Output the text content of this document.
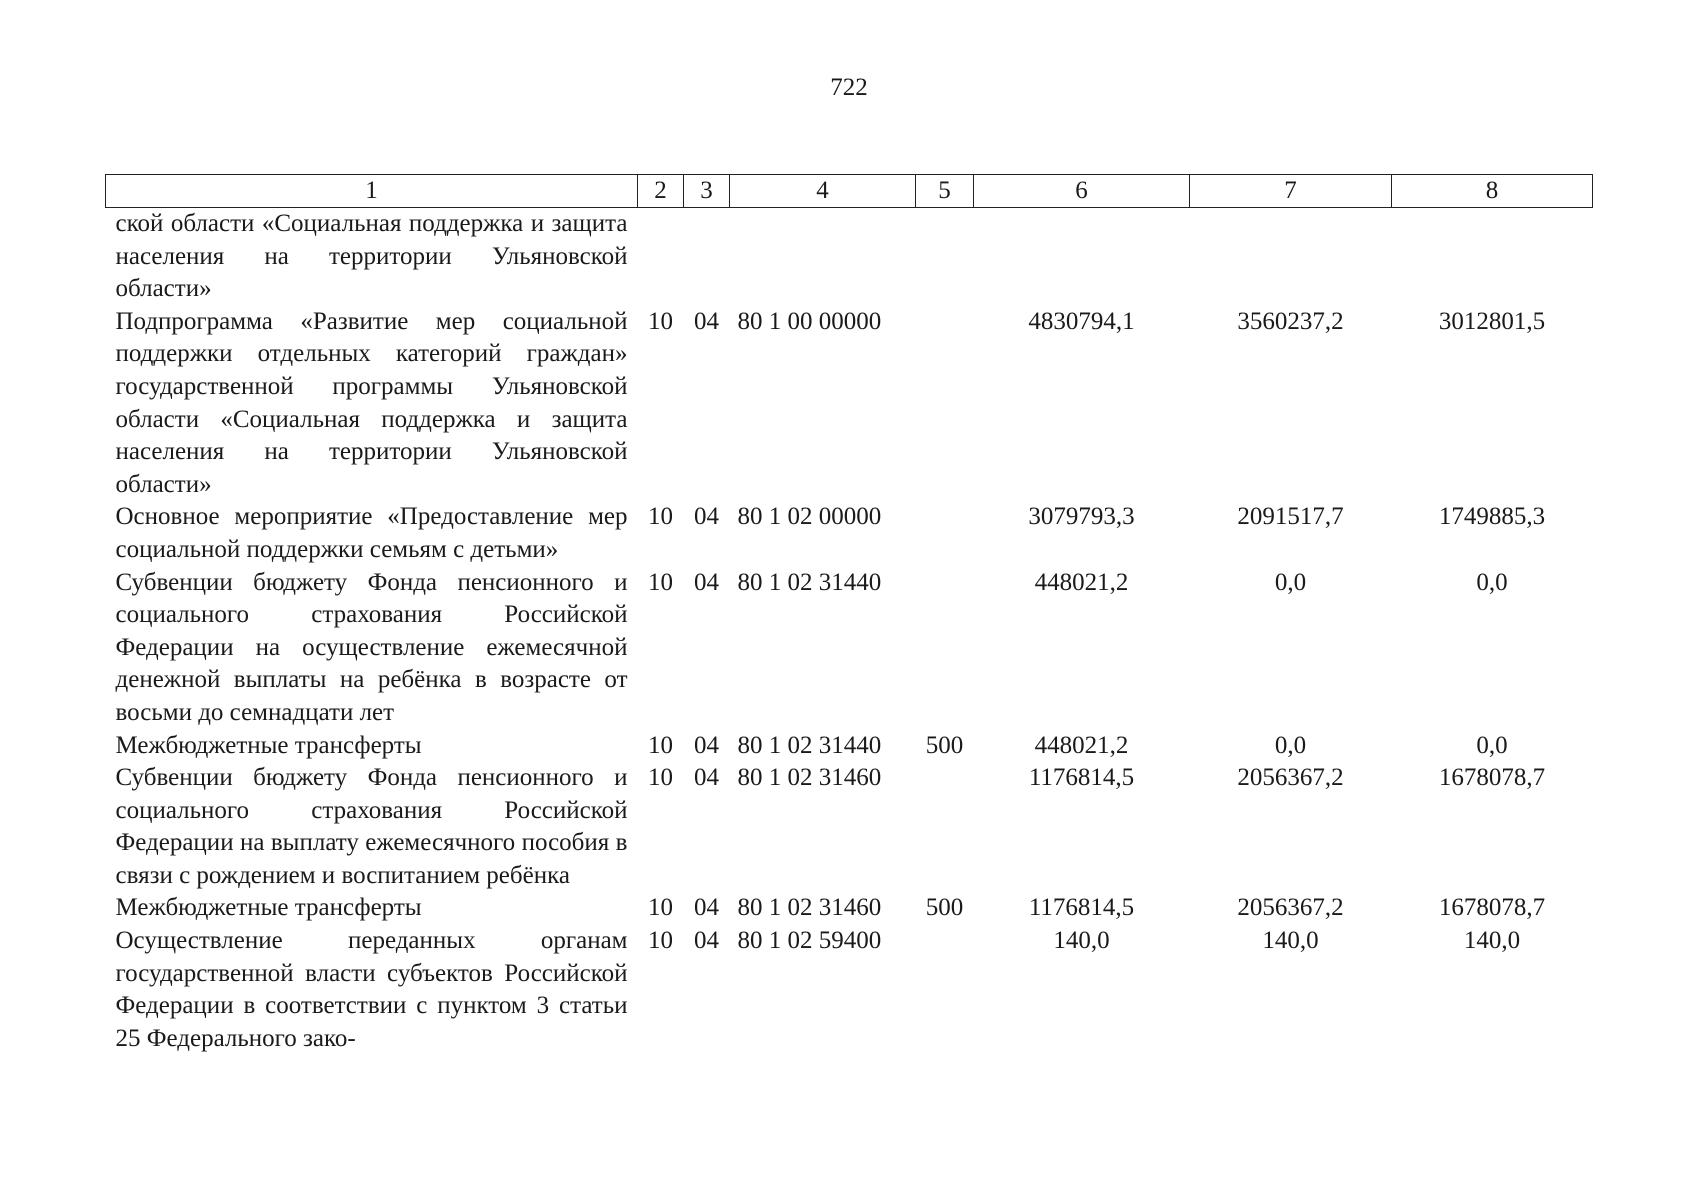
722
1	2	3	4	5	6	7	8
ской области «Социальная поддержка и защита населения на территории Ульяновской области»							
Подпрограмма «Развитие мер социальной поддержки отдельных категорий граждан» государственной программы Ульяновской области «Социальная поддержка и защита населения на территории Ульяновской области»	10	04	80 1 00 00000		4830794,1	3560237,2	3012801,5
Основное мероприятие «Предоставление мер социальной поддержки семьям с детьми»	10	04	80 1 02 00000		3079793,3	2091517,7	1749885,3
Субвенции бюджету Фонда пенсионного и социального страхования Российской Федерации на осуществление ежемесячной денежной выплаты на ребёнка в возрасте от восьми до семнадцати лет	10	04	80 1 02 31440		448021,2	0,0	0,0
Межбюджетные трансферты	10	04	80 1 02 31440	500	448021,2	0,0	0,0
Субвенции бюджету Фонда пенсионного и социального страхования Российской Федерации на выплату ежемесячного пособия в связи с рождением и воспитанием ребёнка	10	04	80 1 02 31460		1176814,5	2056367,2	1678078,7
Межбюджетные трансферты	10	04	80 1 02 31460	500	1176814,5	2056367,2	1678078,7
Осуществление переданных органам государственной власти субъектов Российской Федерации в соответствии с пунктом 3 статьи 25 Федерального зако-	10	04	80 1 02 59400		140,0	140,0	140,0
